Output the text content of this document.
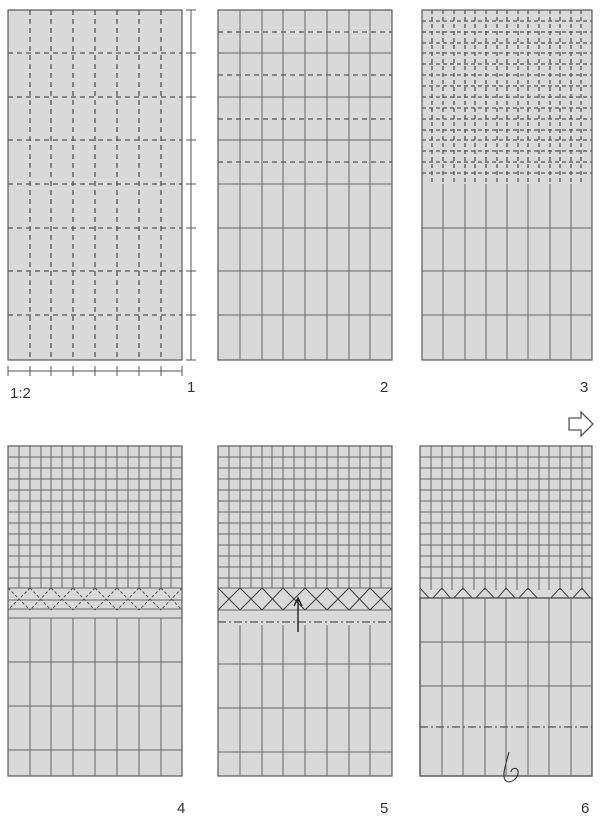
1:2	1	2	3
4	5	6
